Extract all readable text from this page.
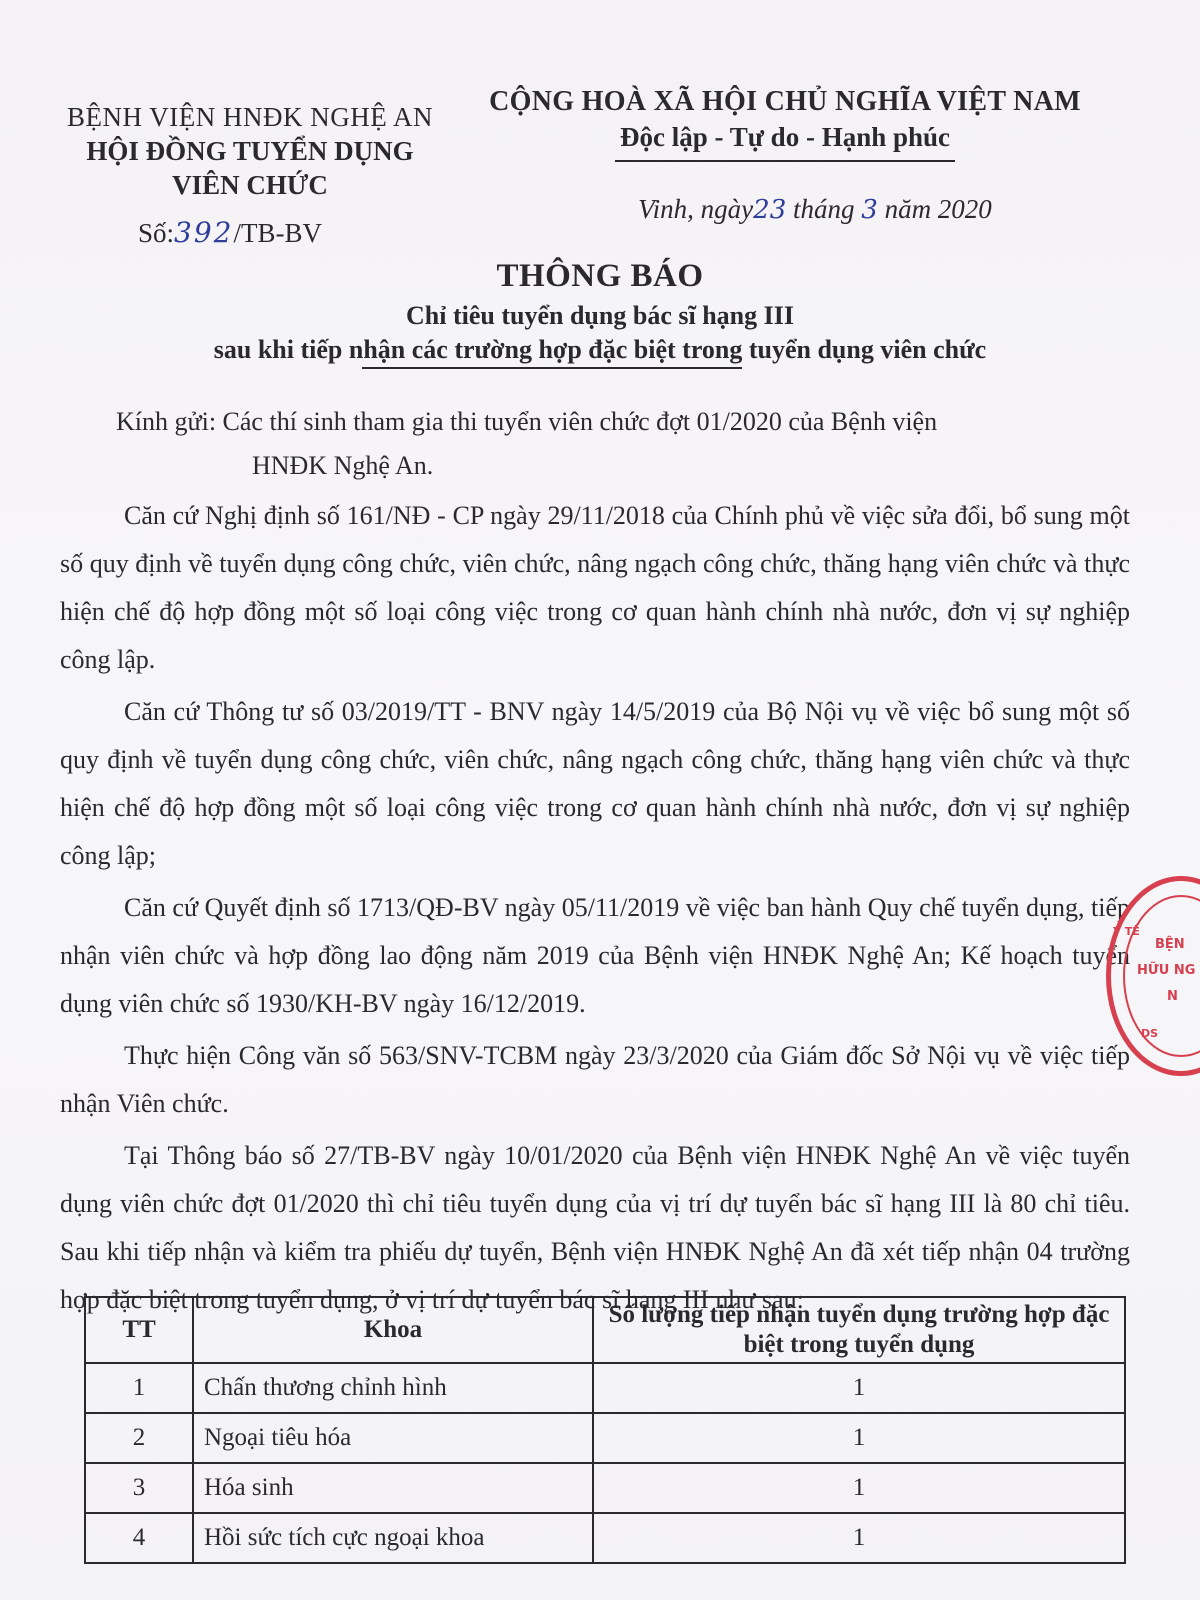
BỆNH VIỆN HNĐK NGHỆ AN
HỘI ĐỒNG TUYỂN DỤNG
VIÊN CHỨC
Số:392/TB-BV
CỘNG HOÀ XÃ HỘI CHỦ NGHĨA VIỆT NAM
Độc lập - Tự do - Hạnh phúc
Vinh, ngày23 tháng 3 năm 2020
THÔNG BÁO
Chỉ tiêu tuyển dụng bác sĩ hạng III
sau khi tiếp nhận các trường hợp đặc biệt trong tuyển dụng viên chức
Kính gửi: Các thí sinh tham gia thi tuyển viên chức đợt 01/2020 của Bệnh viện
HNĐK Nghệ An.

Căn cứ Nghị định số 161/NĐ - CP ngày 29/11/2018 của Chính phủ về việc sửa đổi, bổ sung một số quy định về tuyển dụng công chức, viên chức, nâng ngạch công chức, thăng hạng viên chức và thực hiện chế độ hợp đồng một số loại công việc trong cơ quan hành chính nhà nước, đơn vị sự nghiệp công lập.

Căn cứ Thông tư số 03/2019/TT - BNV ngày 14/5/2019 của Bộ Nội vụ về việc bổ sung một số quy định về tuyển dụng công chức, viên chức, nâng ngạch công chức, thăng hạng viên chức và thực hiện chế độ hợp đồng một số loại công việc trong cơ quan hành chính nhà nước, đơn vị sự nghiệp công lập;

Căn cứ Quyết định số 1713/QĐ-BV ngày 05/11/2019 về việc ban hành Quy chế tuyển dụng, tiếp nhận viên chức và hợp đồng lao động năm 2019 của Bệnh viện HNĐK Nghệ An; Kế hoạch tuyển dụng viên chức số 1930/KH-BV ngày 16/12/2019.

Thực hiện Công văn số 563/SNV-TCBM ngày 23/3/2020 của Giám đốc Sở Nội vụ về việc tiếp nhận Viên chức.

Tại Thông báo số 27/TB-BV ngày 10/01/2020 của Bệnh viện HNĐK Nghệ An về việc tuyển dụng viên chức đợt 01/2020 thì chỉ tiêu tuyển dụng của vị trí dự tuyển bác sĩ hạng III là 80 chỉ tiêu. Sau khi tiếp nhận và kiểm tra phiếu dự tuyển, Bệnh viện HNĐK Nghệ An đã xét tiếp nhận 04 trường hợp đặc biệt trong tuyển dụng, ở vị trí dự tuyển bác sĩ hạng III như sau:

TT	Khoa	Số lượng tiếp nhận tuyển dụng trường hợp đặc biệt trong tuyển dụng
1	Chấn thương chỉnh hình	1
2	Ngoại tiêu hóa	1
3	Hóa sinh	1
4	Hồi sức tích cực ngoại khoa	1
BỆN
HỮU NG
N
Y TẾ
DS
